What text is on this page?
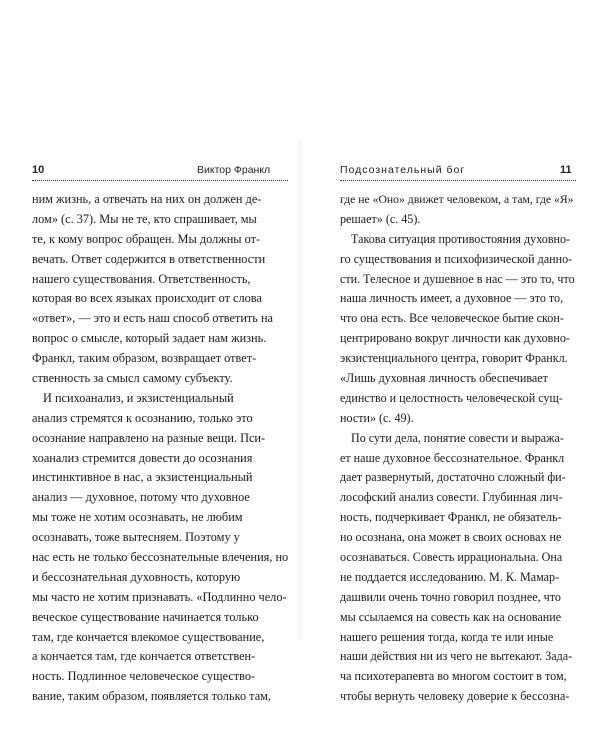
10	Виктор Франкл
ним жизнь, а отвечать на них он должен де-
лом» (с. 37). Мы не те, кто спрашивает, мы
те, к кому вопрос обращен. Мы должны от-
вечать. Ответ содержится в ответственности
нашего существования. Ответственность,
которая во всех языках происходит от слова
«ответ», — это и есть наш способ ответить на
вопрос о смысле, который задает нам жизнь.
Франкл, таким образом, возвращает ответ-
ственность за смысл самому субъекту.
И психоанализ, и экзистенциальный
анализ стремятся к осознанию, только это
осознание направлено на разные вещи. Пси-
хоанализ стремится довести до осознания
инстинктивное в нас, а экзистенциальный
анализ — духовное, потому что духовное
мы тоже не хотим осознавать, не любим
осознавать, тоже вытесняем. Поэтому у
нас есть не только бессознательные влечения, но
и бессознательная духовность, которую
мы часто не хотим признавать. «Подлинно чело-
веческое существование начинается только
там, где кончается влекомое существование,
а кончается там, где кончается ответствен-
ность. Подлинное человеческое существо-
вание, таким образом, появляется только там,
Подсознательный бог	11
где не «Оно» движет человеком, а там, где «Я»
решает» (с. 45).
Такова ситуация противостояния духовно-
го существования и психофизической данно-
сти. Телесное и душевное в нас — это то, что
наша личность имеет, а духовное — это то,
что она есть. Все человеческое бытие скон-
центрировано вокруг личности как духовно-
экзистенциального центра, говорит Франкл.
«Лишь духовная личность обеспечивает
единство и целостность человеческой сущ-
ности» (с. 49).
По сути дела, понятие совести и выража-
ет наше духовное бессознательное. Франкл
дает развернутый, достаточно сложный фи-
лософский анализ совести. Глубинная лич-
ность, подчеркивает Франкл, не обязатель-
но осознана, она может в своих основах не
осознаваться. Совесть иррациональна. Она
не поддается исследованию. М. К. Мамар-
дашвили очень точно говорил позднее, что
мы ссылаемся на совесть как на основание
нашего решения тогда, когда те или иные
наши действия ни из чего не вытекают. Зада-
ча психотерапевта во многом состоит в том,
чтобы вернуть человеку доверие к бессозна-
